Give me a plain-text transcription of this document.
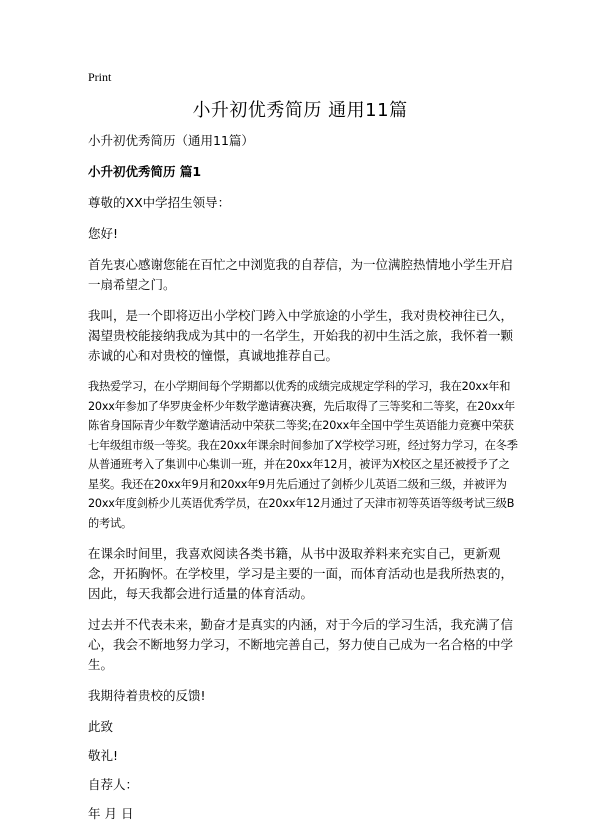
Print
小升初优秀简历 通用11篇

小升初优秀简历（通用11篇）

小升初优秀简历 篇1

尊敬的XX中学招生领导：

您好!

首先衷心感谢您能在百忙之中浏览我的自荐信，为一位满腔热情地小学生开启一扇希望之门。

我叫，是一个即将迈出小学校门跨入中学旅途的小学生，我对贵校神往已久，渴望贵校能接纳我成为其中的一名学生，开始我的初中生活之旅，我怀着一颗赤诚的心和对贵校的憧憬，真诚地推荐自己。

我热爱学习，在小学期间每个学期都以优秀的成绩完成规定学科的学习，我在20xx年和20xx年参加了华罗庚金杯少年数学邀请赛决赛，先后取得了三等奖和二等奖，在20xx年陈省身国际青少年数学邀请活动中荣获二等奖;在20xx年全国中学生英语能力竞赛中荣获七年级组市级一等奖。我在20xx年课余时间参加了X学校学习班，经过努力学习，在冬季从普通班考入了集训中心集训一班，并在20xx年12月，被评为X校区之星还被授予了之星奖。我还在20xx年9月和20xx年9月先后通过了剑桥少儿英语二级和三级，并被评为20xx年度剑桥少儿英语优秀学员，在20xx年12月通过了天津市初等英语等级考试三级B的考试。

在课余时间里，我喜欢阅读各类书籍，从书中汲取养料来充实自己，更新观念，开拓胸怀。在学校里，学习是主要的一面，而体育活动也是我所热衷的，因此，每天我都会进行适量的体育活动。

过去并不代表未来，勤奋才是真实的内涵，对于今后的学习生活，我充满了信心，我会不断地努力学习，不断地完善自己，努力使自己成为一名合格的中学生。

我期待着贵校的反馈!

此致

敬礼!

自荐人：

年 月 日
